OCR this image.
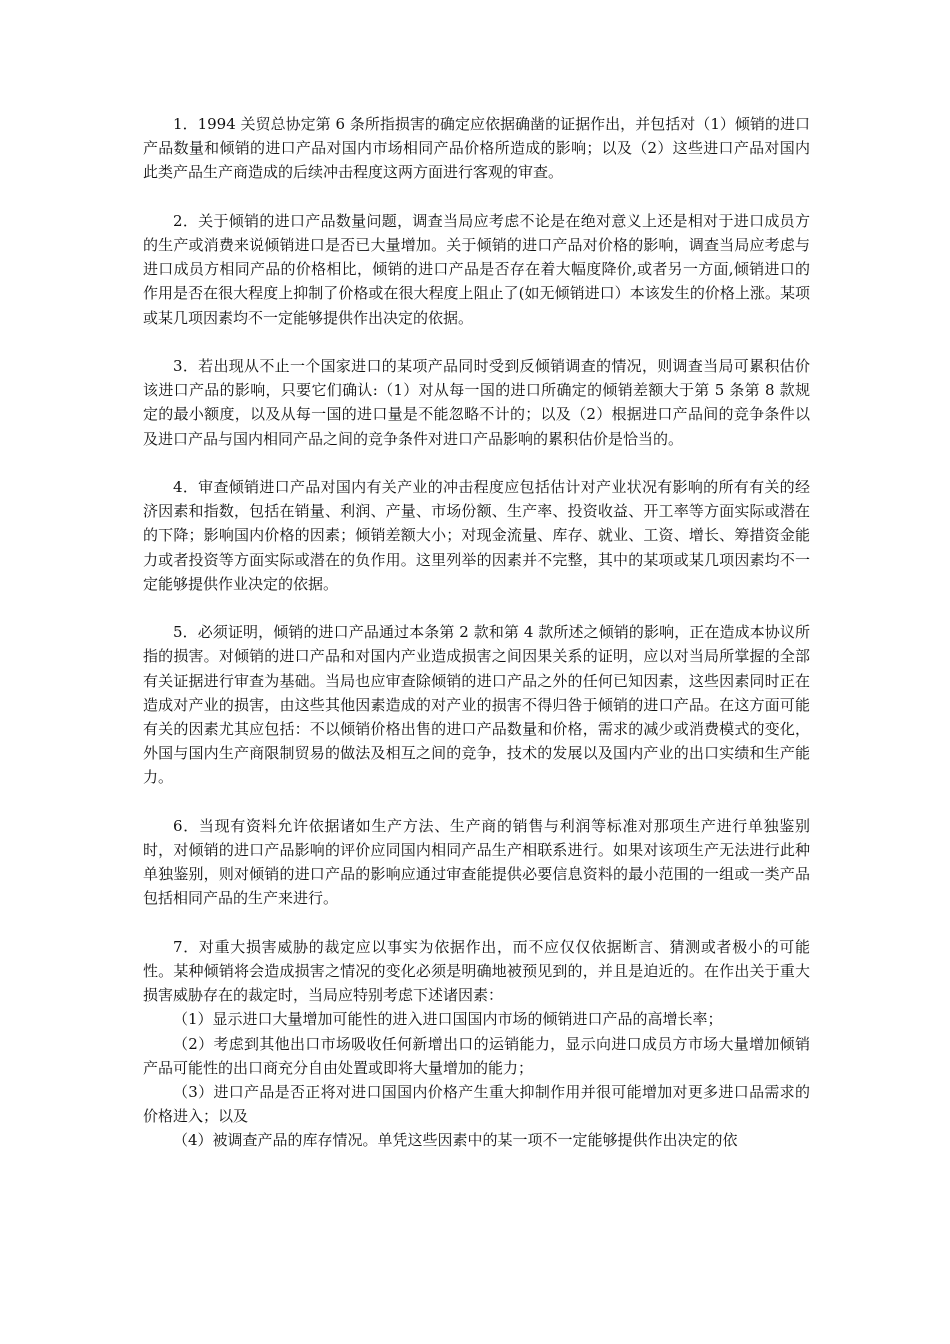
1．1994 关贸总协定第 6 条所指损害的确定应依据确凿的证据作出，并包括对（1）倾销的进口产品数量和倾销的进口产品对国内市场相同产品价格所造成的影响；以及（2）这些进口产品对国内此类产品生产商造成的后续冲击程度这两方面进行客观的审查。

2．关于倾销的进口产品数量问题，调查当局应考虑不论是在绝对意义上还是相对于进口成员方的生产或消费来说倾销进口是否已大量增加。关于倾销的进口产品对价格的影响，调查当局应考虑与进口成员方相同产品的价格相比，倾销的进口产品是否存在着大幅度降价,或者另一方面,倾销进口的作用是否在很大程度上抑制了价格或在很大程度上阻止了(如无倾销进口）本该发生的价格上涨。某项或某几项因素均不一定能够提供作出决定的依据。

3．若出现从不止一个国家进口的某项产品同时受到反倾销调查的情况，则调查当局可累积估价该进口产品的影响，只要它们确认:（1）对从每一国的进口所确定的倾销差额大于第 5 条第 8 款规定的最小额度，以及从每一国的进口量是不能忽略不计的；以及（2）根据进口产品间的竞争条件以及进口产品与国内相同产品之间的竞争条件对进口产品影响的累积估价是恰当的。

4．审查倾销进口产品对国内有关产业的冲击程度应包括估计对产业状况有影响的所有有关的经济因素和指数，包括在销量、利润、产量、市场份额、生产率、投资收益、开工率等方面实际或潜在的下降；影响国内价格的因素；倾销差额大小；对现金流量、库存、就业、工资、增长、筹措资金能力或者投资等方面实际或潜在的负作用。这里列举的因素并不完整，其中的某项或某几项因素均不一定能够提供作业决定的依据。

5．必须证明，倾销的进口产品通过本条第 2 款和第 4 款所述之倾销的影响，正在造成本协议所指的损害。对倾销的进口产品和对国内产业造成损害之间因果关系的证明，应以对当局所掌握的全部有关证据进行审查为基础。当局也应审查除倾销的进口产品之外的任何已知因素，这些因素同时正在造成对产业的损害，由这些其他因素造成的对产业的损害不得归咎于倾销的进口产品。在这方面可能有关的因素尤其应包括：不以倾销价格出售的进口产品数量和价格，需求的减少或消费模式的变化，外国与国内生产商限制贸易的做法及相互之间的竞争，技术的发展以及国内产业的出口实绩和生产能力。

6．当现有资料允许依据诸如生产方法、生产商的销售与利润等标准对那项生产进行单独鉴别时，对倾销的进口产品影响的评价应同国内相同产品生产相联系进行。如果对该项生产无法进行此种单独鉴别，则对倾销的进口产品的影响应通过审查能提供必要信息资料的最小范围的一组或一类产品包括相同产品的生产来进行。

7．对重大损害威胁的裁定应以事实为依据作出，而不应仅仅依据断言、猜测或者极小的可能性。某种倾销将会造成损害之情况的变化必须是明确地被预见到的，并且是迫近的。在作出关于重大损害威胁存在的裁定时，当局应特别考虑下述诸因素：

（1）显示进口大量增加可能性的进入进口国国内市场的倾销进口产品的高增长率；

（2）考虑到其他出口市场吸收任何新增出口的运销能力，显示向进口成员方市场大量增加倾销产品可能性的出口商充分自由处置或即将大量增加的能力；

（3）进口产品是否正将对进口国国内价格产生重大抑制作用并很可能增加对更多进口品需求的价格进入；以及

（4）被调查产品的库存情况。单凭这些因素中的某一项不一定能够提供作出决定的依
